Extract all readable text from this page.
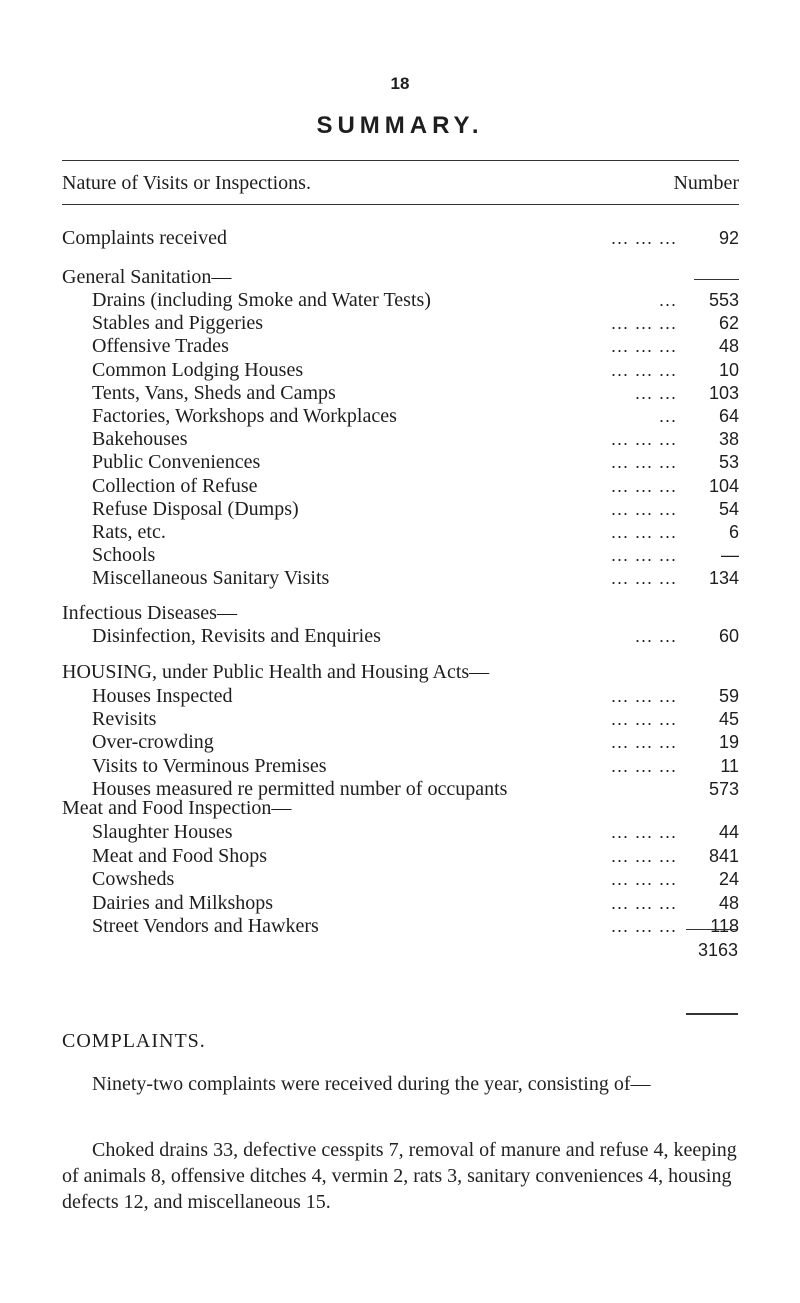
18
SUMMARY.
Nature of Visits or Inspections.	Number
Complaints received	... ... ... 92
General Sanitation—
Drains (including Smoke and Water Tests)	... 553
Stables and Piggeries	... ... ... 62
Offensive Trades	... ... ... 48
Common Lodging Houses	... ... ... 10
Tents, Vans, Sheds and Camps	... ... 103
Factories, Workshops and Workplaces	... 64
Bakehouses	... ... ... 38
Public Conveniences	... ... ... 53
Collection of Refuse	... ... ... 104
Refuse Disposal (Dumps)	... ... ... 54
Rats, etc.	... ... ...	6
Schools	... ... ... —
Miscellaneous Sanitary Visits	... ... ... 134
Infectious Diseases—
Disinfection, Revisits and Enquiries	... ... 60
HOUSING, under Public Health and Housing Acts—
Houses Inspected	... ... ... 59
Revisits	... ... ... 45
Over-crowding	... ... ... 19
Visits to Verminous Premises	... ... ... 11
Houses measured re permitted number of occupants	573
Meat and Food Inspection—
Slaughter Houses	... ... ... 44
Meat and Food Shops	... ... ... 841
Cowsheds	... ... ... 24
Dairies and Milkshops	... ... ... 48
Street Vendors and Hawkers	... ... ... 118
3163
COMPLAINTS.
Ninety-two complaints were received during the year, consisting of—
Choked drains 33, defective cesspits 7, removal of manure and refuse 4, keeping of animals 8, offensive ditches 4, vermin 2, rats 3, sanitary conveniences 4, housing defects 12, and miscellaneous 15.
